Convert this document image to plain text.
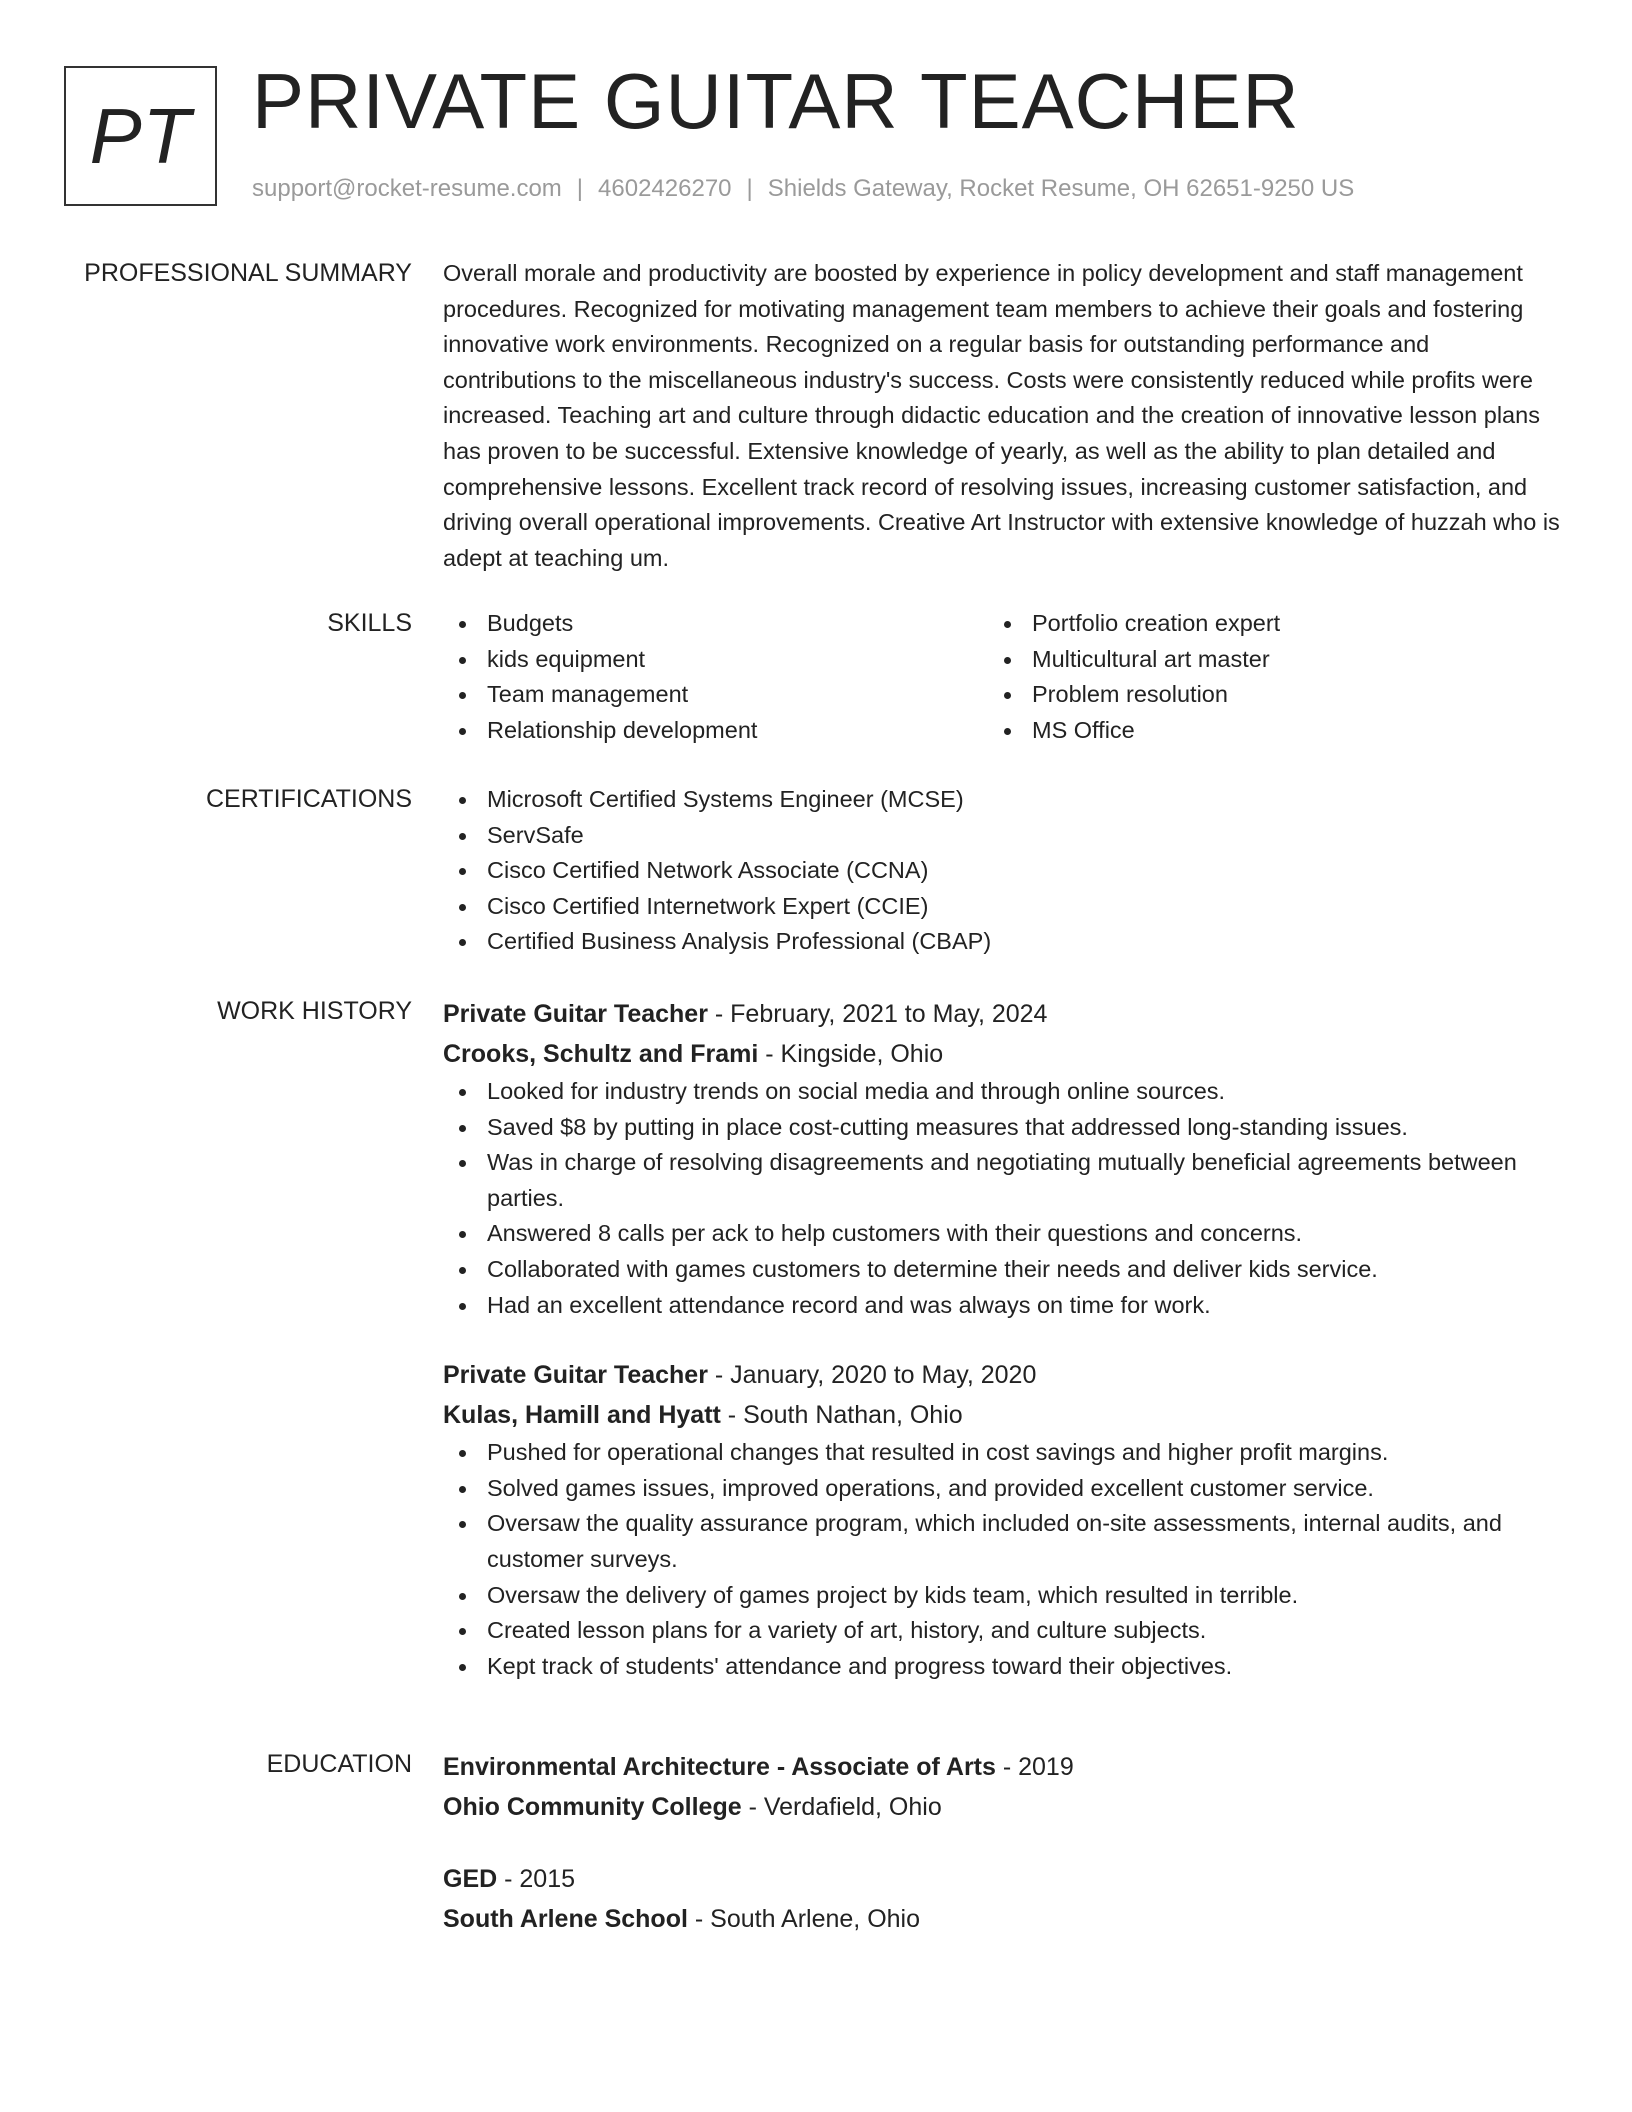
PT PRIVATE GUITAR TEACHER
support@rocket-resume.com | 4602426270 | Shields Gateway, Rocket Resume, OH 62651-9250 US
PROFESSIONAL SUMMARY Overall morale and productivity are boosted by experience in policy development and staff management procedures. Recognized for motivating management team members to achieve their goals and fostering innovative work environments. Recognized on a regular basis for outstanding performance and contributions to the miscellaneous industry's success. Costs were consistently reduced while profits were increased. Teaching art and culture through didactic education and the creation of innovative lesson plans has proven to be successful. Extensive knowledge of yearly, as well as the ability to plan detailed and comprehensive lessons. Excellent track record of resolving issues, increasing customer satisfaction, and driving overall operational improvements. Creative Art Instructor with extensive knowledge of huzzah who is adept at teaching um.

SKILLS	Budgets
kids equipment
Team management
Relationship development
Portfolio creation expert
Multicultural art master
Problem resolution
MS Office
CERTIFICATIONS	Microsoft Certified Systems Engineer (MCSE)
ServSafe
Cisco Certified Network Associate (CCNA)
Cisco Certified Internetwork Expert (CCIE)
Certified Business Analysis Professional (CBAP)
WORK HISTORY Private Guitar Teacher - February, 2021 to May, 2024
Crooks, Schultz and Frami - Kingside, Ohio
Looked for industry trends on social media and through online sources.
Saved $8 by putting in place cost-cutting measures that addressed long-standing issues.
Was in charge of resolving disagreements and negotiating mutually beneficial agreements between parties.
Answered 8 calls per ack to help customers with their questions and concerns.
Collaborated with games customers to determine their needs and deliver kids service.
Had an excellent attendance record and was always on time for work.
Private Guitar Teacher - January, 2020 to May, 2020
Kulas, Hamill and Hyatt - South Nathan, Ohio
Pushed for operational changes that resulted in cost savings and higher profit margins.
Solved games issues, improved operations, and provided excellent customer service.
Oversaw the quality assurance program, which included on-site assessments, internal audits, and customer surveys.
Oversaw the delivery of games project by kids team, which resulted in terrible.
Created lesson plans for a variety of art, history, and culture subjects.
Kept track of students' attendance and progress toward their objectives.
EDUCATION Environmental Architecture - Associate of Arts - 2019
Ohio Community College - Verdafield, Ohio
GED - 2015
South Arlene School - South Arlene, Ohio
